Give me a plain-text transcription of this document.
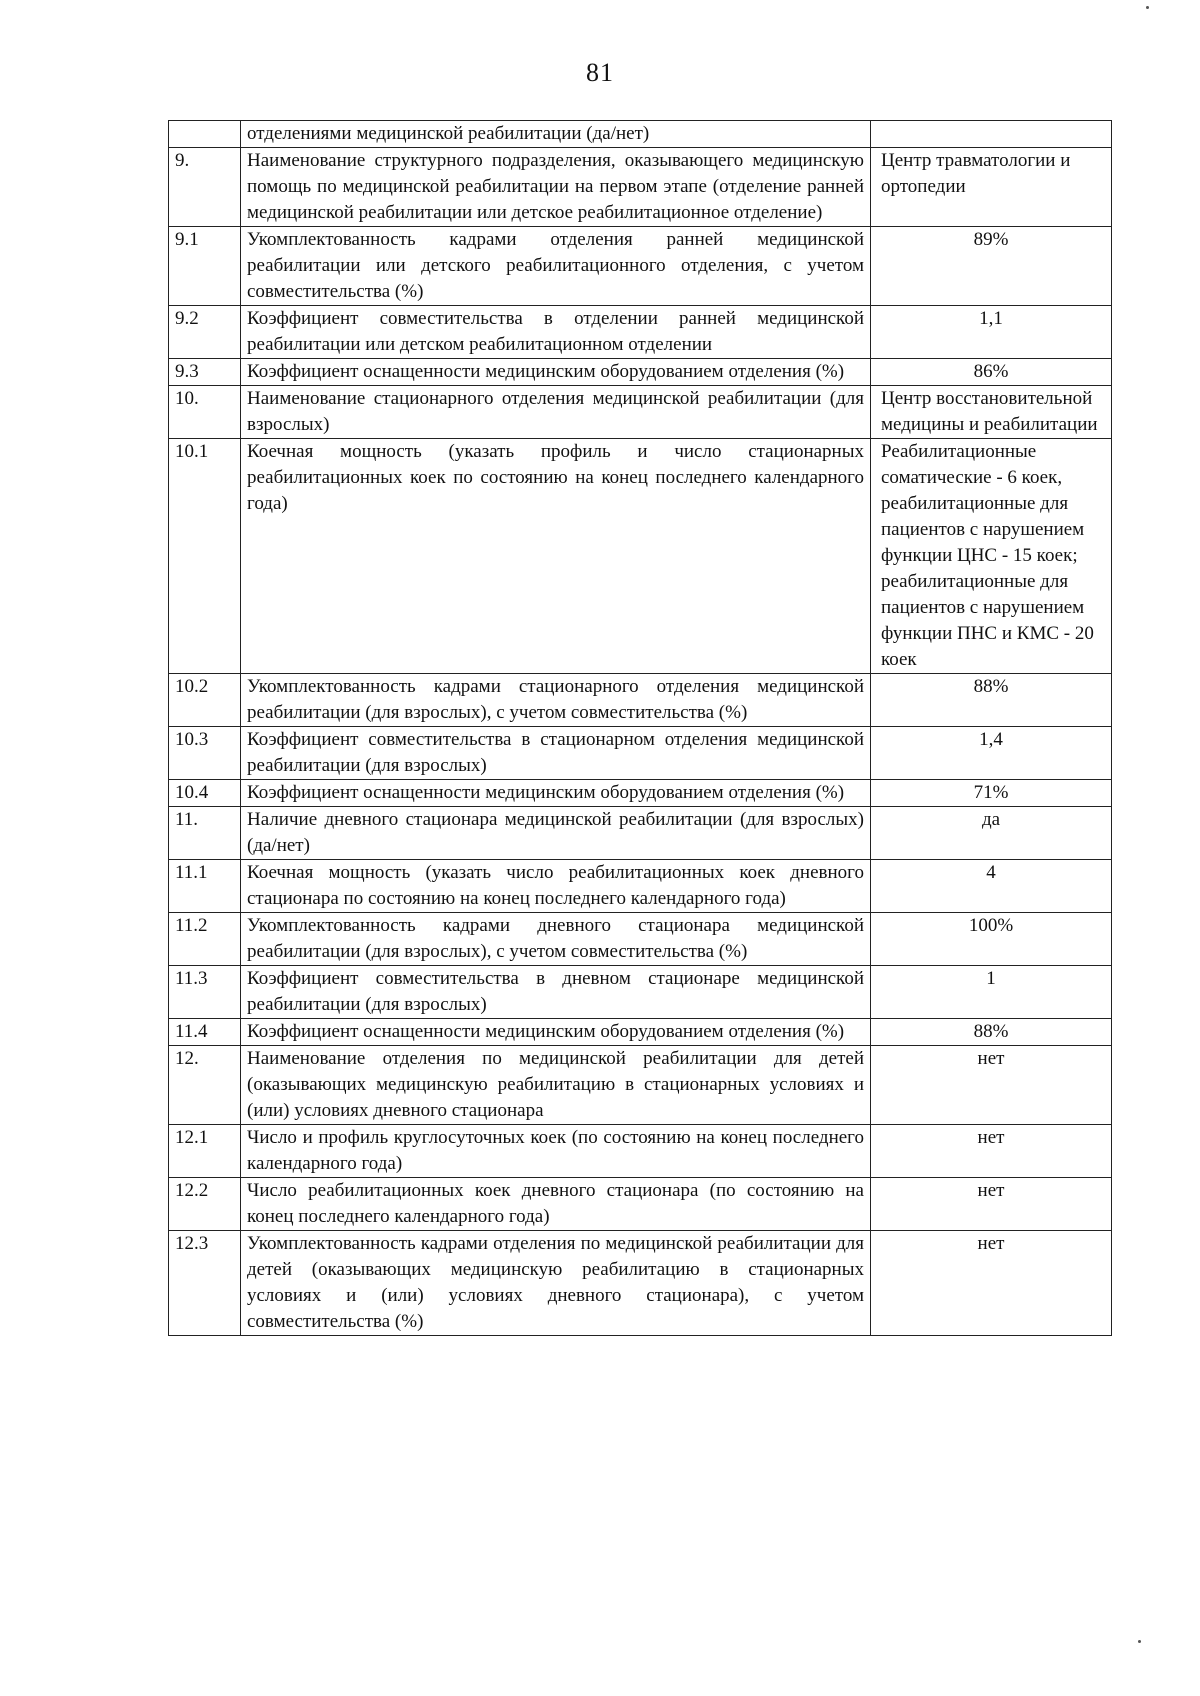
81
	отделениями медицинской реабилитации (да/нет)	
9.	Наименование структурного подразделения, оказывающего медицинскую помощь по медицинской реабилитации на первом этапе (отделение ранней медицинской реабилитации или детское реабилитационное отделение)	Центр травматологии и ортопедии
9.1	Укомплектованность кадрами отделения ранней медицинской реабилитации или детского реабилитационного отделения, с учетом совместительства (%)	89%
9.2	Коэффициент совместительства в отделении ранней медицинской реабилитации или детском реабилитационном отделении	1,1
9.3	Коэффициент оснащенности медицинским оборудованием отделения (%)	86%
10.	Наименование стационарного отделения медицинской реабилитации (для взрослых)	Центр восстановительной медицины и реабилитации
10.1	Коечная мощность (указать профиль и число стационарных реабилитационных коек по состоянию на конец последнего календарного года)	Реабилитационные соматические - 6 коек, реабилитационные для пациентов с нарушением функции ЦНС - 15 коек; реабилитационные для пациентов с нарушением функции ПНС и КМС - 20 коек
10.2	Укомплектованность кадрами стационарного отделения медицинской реабилитации (для взрослых), с учетом совместительства (%)	88%
10.3	Коэффициент совместительства в стационарном отделения медицинской реабилитации (для взрослых)	1,4
10.4	Коэффициент оснащенности медицинским оборудованием отделения (%)	71%
11.	Наличие дневного стационара медицинской реабилитации (для взрослых) (да/нет)	да
11.1	Коечная мощность (указать число реабилитационных коек дневного стационара по состоянию на конец последнего календарного года)	4
11.2	Укомплектованность кадрами дневного стационара медицинской реабилитации (для взрослых), с учетом совместительства (%)	100%
11.3	Коэффициент совместительства в дневном стационаре медицинской реабилитации (для взрослых)	1
11.4	Коэффициент оснащенности медицинским оборудованием отделения (%)	88%
12.	Наименование отделения по медицинской реабилитации для детей (оказывающих медицинскую реабилитацию в стационарных условиях и (или) условиях дневного стационара	нет
12.1	Число и профиль круглосуточных коек (по состоянию на конец последнего календарного года)	нет
12.2	Число реабилитационных коек дневного стационара (по состоянию на конец последнего календарного года)	нет
12.3	Укомплектованность кадрами отделения по медицинской реабилитации для детей (оказывающих медицинскую реабилитацию в стационарных условиях и (или) условиях дневного стационара), с учетом совместительства (%)	нет
